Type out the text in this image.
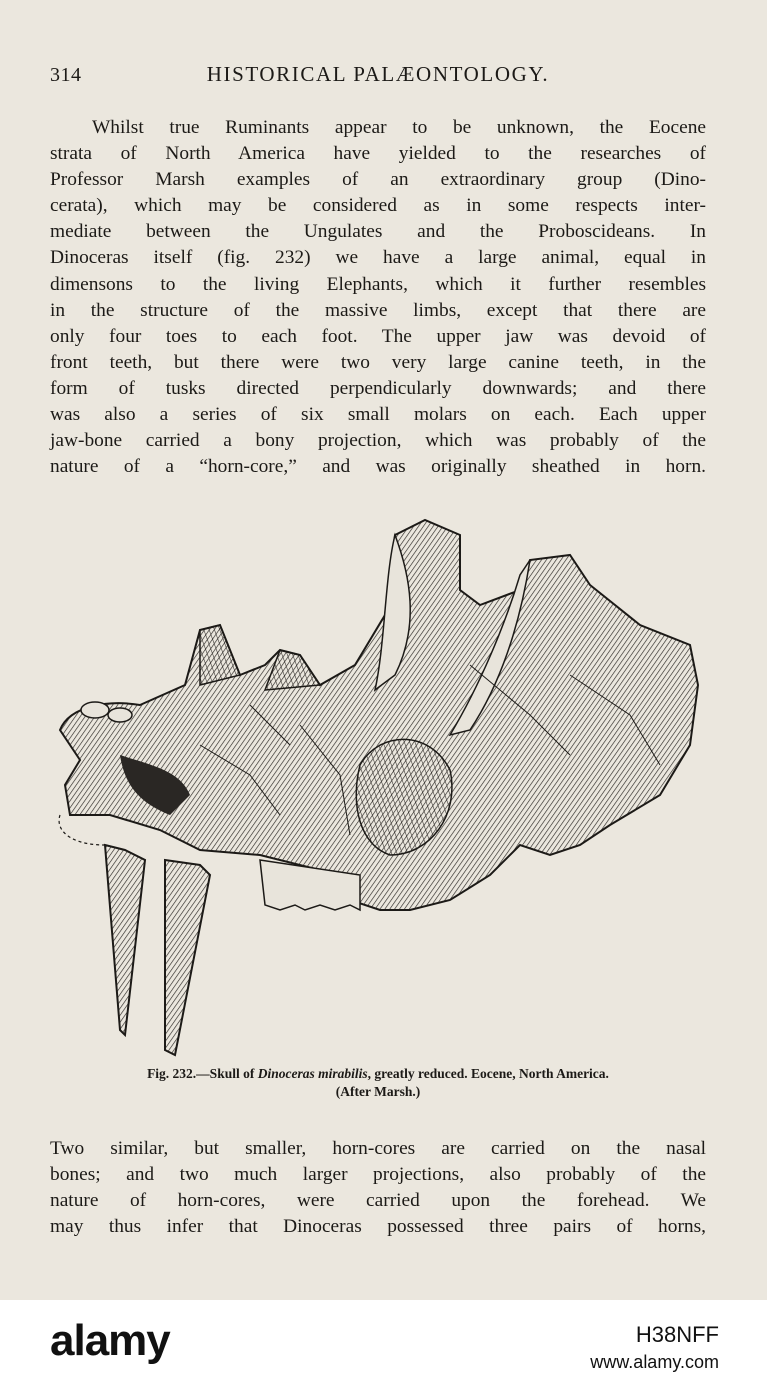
314	HISTORICAL PALÆONTOLOGY.
Whilst true Ruminants appear to be unknown, the Eocene
strata of North America have yielded to the researches of
Professor Marsh examples of an extraordinary group (Dino-
cerata), which may be considered as in some respects inter-
mediate between the Ungulates and the Proboscideans. In
Dinoceras itself (fig. 232) we have a large animal, equal in
dimensons to the living Elephants, which it further resembles
in the structure of the massive limbs, except that there are
only four toes to each foot. The upper jaw was devoid of
front teeth, but there were two very large canine teeth, in the
form of tusks directed perpendicularly downwards; and there
was also a series of six small molars on each. Each upper
jaw-bone carried a bony projection, which was probably of the
nature of a “horn-core,” and was originally sheathed in horn.
Fig. 232.—Skull of Dinoceras mirabilis, greatly reduced. Eocene, North America.
(After Marsh.)
Two similar, but smaller, horn-cores are carried on the nasal
bones; and two much larger projections, also probably of the
nature of horn-cores, were carried upon the forehead. We
may thus infer that Dinoceras possessed three pairs of horns,
alamy	H38NFF
www.alamy.com
